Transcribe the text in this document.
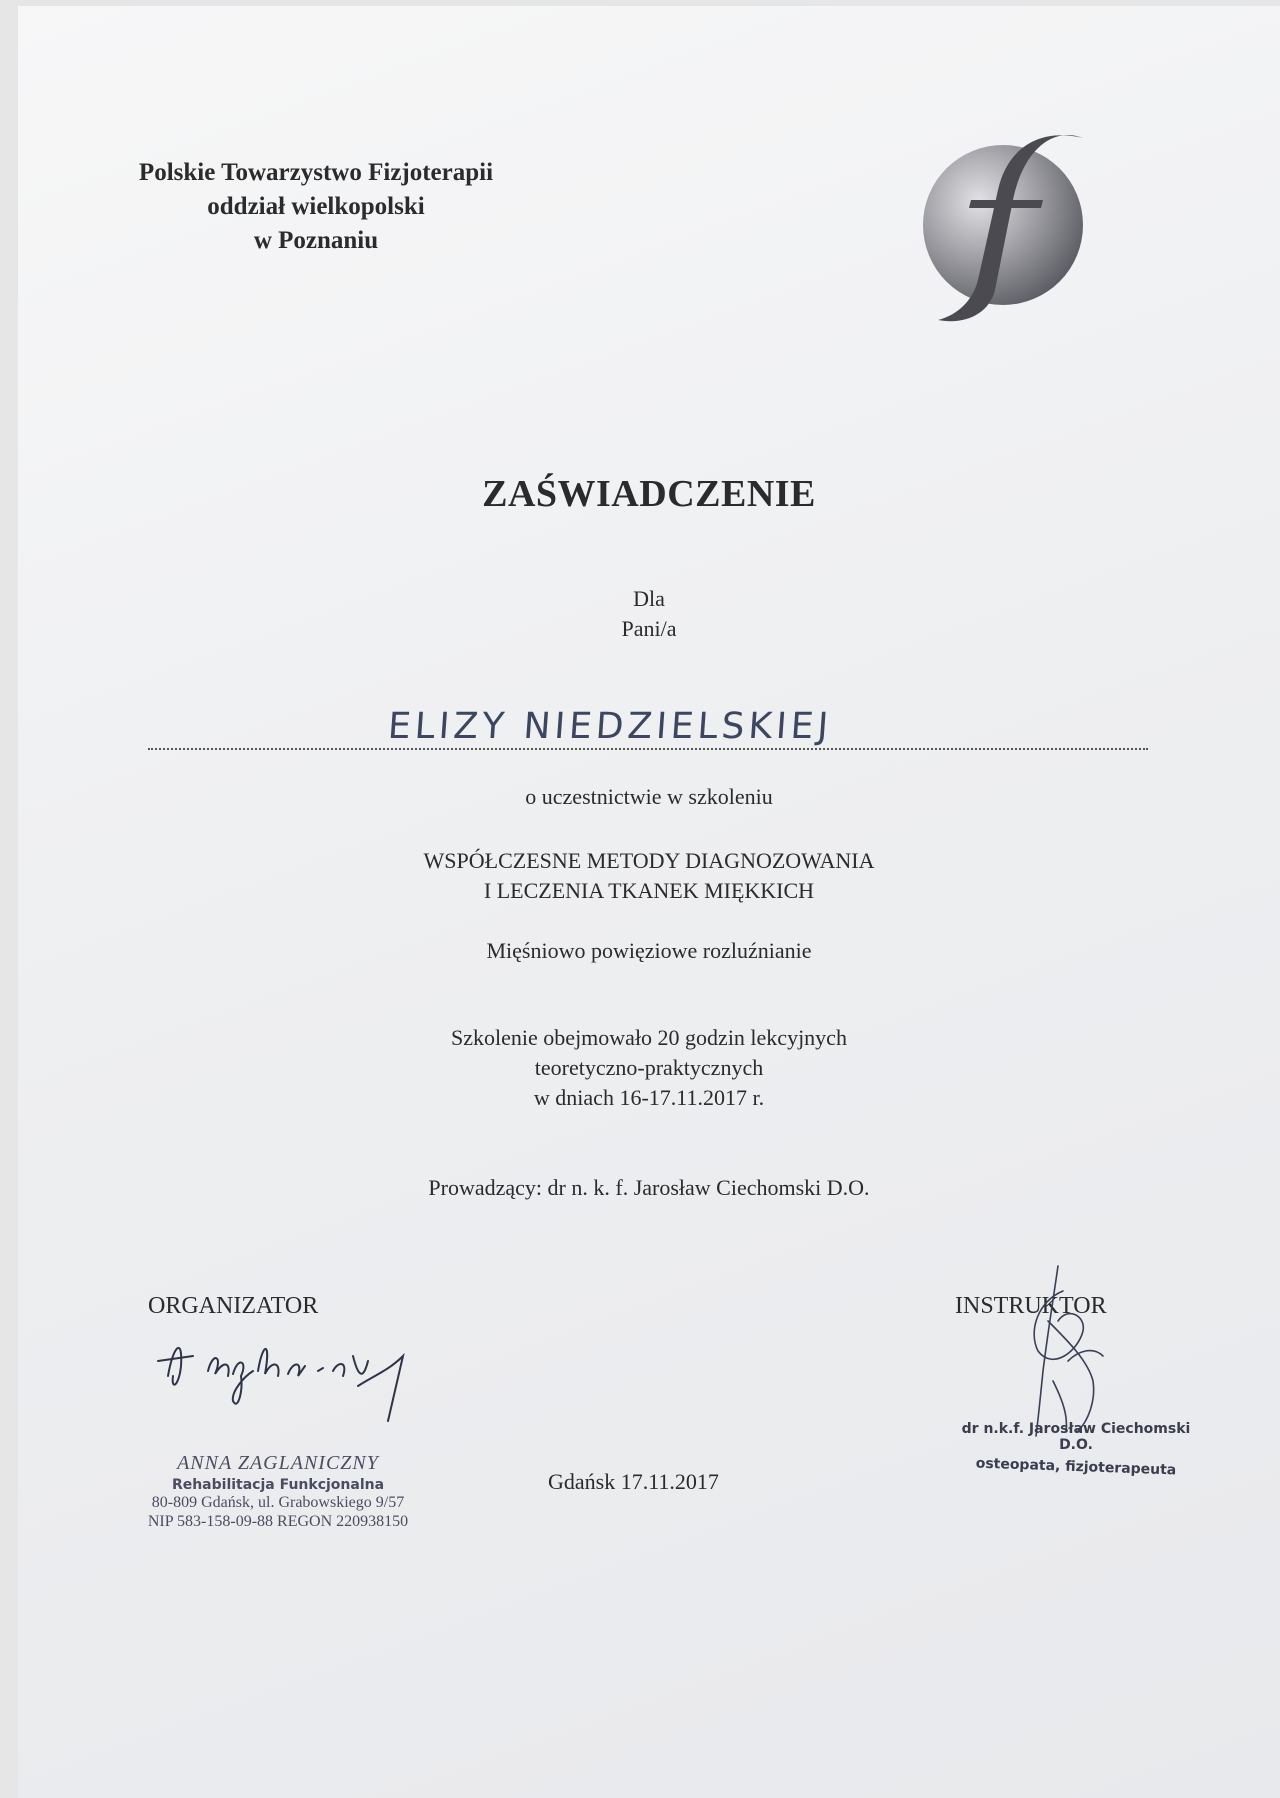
Polskie Towarzystwo Fizjoterapii
oddział wielkopolski
w Poznaniu
ZAŚWIADCZENIE
Dla
Pani/a
ELIZY NIEDZIELSKIEJ
o uczestnictwie w szkoleniu
WSPÓŁCZESNE METODY DIAGNOZOWANIA
I LECZENIA TKANEK MIĘKKICH
Mięśniowo powięziowe rozluźnianie
Szkolenie obejmowało 20 godzin lekcyjnych
teoretyczno-praktycznych
w dniach 16-17.11.2017 r.
Prowadzący: dr n. k. f. Jarosław Ciechomski D.O.
ORGANIZATOR	INSTRUKTOR
ANNA ZAGLANICZNY
Rehabilitacja Funkcjonalna
80-809 Gdańsk, ul. Grabowskiego 9/57
NIP 583-158-09-88 REGON 220938150
dr n.k.f. Jarosław Ciechomski D.O.
osteopata, fizjoterapeuta
Gdańsk 17.11.2017
